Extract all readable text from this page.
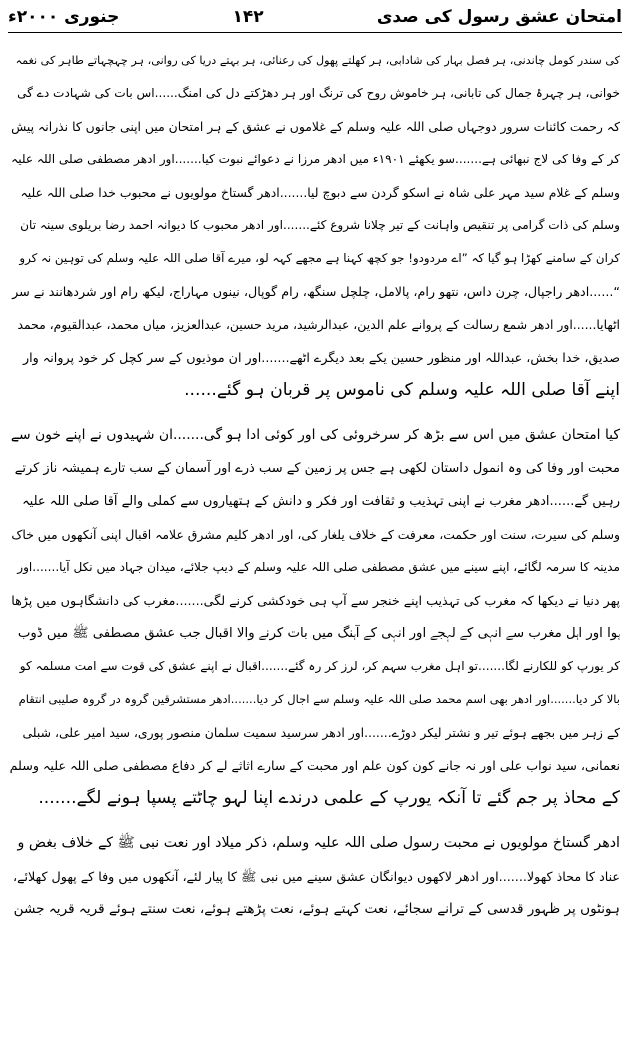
امتحان عشق رسول کی صدی
۱۴۲
جنوری ۲۰۰۰ء

کی سندر کومل چاندنی، ہر فصل بہار کی شادابی، ہر کھلتے پھول کی رعنائی، ہر بہتے دریا کی روانی، ہر چہچہاتے طاہر کی نغمہ
خوانی، ہر چہرۂ جمال کی تابانی، ہر خاموش روح کی ترنگ اور ہر دھڑکتے دل کی امنگ......اس بات کی شہادت دے گی
کہ رحمت کائنات سرور دوجہاں صلی اللہ علیہ وسلم کے غلاموں نے عشق کے ہر امتحان میں اپنی جانوں کا نذرانہ پیش
کر کے وفا کی لاج نبھائی ہے.......سو یکھئے ۱۹۰۱ء میں ادھر مرزا نے دعوائے نبوت کیا.......اور ادھر مصطفی صلی اللہ علیہ
وسلم کے غلام سید مہر علی شاہ نے اسکو گردن سے دبوچ لیا.......ادھر گستاخ مولویوں نے محبوب خدا صلی اللہ علیہ
وسلم کی ذات گرامی پر تنقیص واہانت کے تیر چلانا شروع کئے.......اور ادھر محبوب کا دیوانہ احمد رضا بریلوی سینہ تان
کران کے سامنے کھڑا ہو گیا کہ ”اے مردودو! جو کچھ کہنا ہے مجھے کہہ لو، میرے آقا صلی اللہ علیہ وسلم کی توہین نہ کرو
“......ادھر راجپال، چرن داس، نتھو رام، پالامل، چلچل سنگھ، رام گوپال، نینوں مہاراج، لیکھ رام اور شردھانند نے سر
اٹھایا......اور ادھر شمع رسالت کے پروانے علم الدین، عبدالرشید، مرید حسین، عبدالعزیز، میاں محمد، عبدالقیوم، محمد
صدیق، خدا بخش، عبداللہ اور منظور حسین یکے بعد دیگرے اٹھے.......اور ان موذیوں کے سر کچل کر خود پروانہ وار
اپنے آقا صلی اللہ علیہ وسلم کی ناموس پر قربان ہو گئے......

کیا امتحان عشق میں اس سے بڑھ کر سرخروئی کی اور کوئی ادا ہو گی.......ان شہیدوں نے اپنے خون سے
محبت اور وفا کی وہ انمول داستان لکھی ہے جس پر زمین کے سب ذرے اور آسمان کے سب تارے ہمیشہ ناز کرتے
رہیں گے......ادھر مغرب نے اپنی تہذیب و ثقافت اور فکر و دانش کے ہتھیاروں سے کملی والے آقا صلی اللہ علیہ
وسلم کی سیرت، سنت اور حکمت، معرفت کے خلاف یلغار کی، اور ادھر کلیم مشرق علامہ اقبال اپنی آنکھوں میں خاک
مدینہ کا سرمہ لگائے، اپنے سینے میں عشق مصطفی صلی اللہ علیہ وسلم کے دیپ جلائے، میدان جہاد میں نکل آیا.......اور
پھر دنیا نے دیکھا کہ مغرب کی تہذیب اپنے خنجر سے آپ ہی خودکشی کرنے لگی.......مغرب کی دانشگاہوں میں پڑھا
ہوا اور اہل مغرب سے انہی کے لہجے اور انہی کے آہنگ میں بات کرنے والا اقبال جب عشق مصطفی ﷺ میں ڈوب
کر یورپ کو للکارنے لگا.......تو اہل مغرب سہم کر، لرز کر رہ گئے.......اقبال نے اپنے عشق کی قوت سے امت مسلمہ کو
بالا کر دیا.......اور ادھر بھی اسم محمد صلی اللہ علیہ وسلم سے اجال کر دیا.......ادھر مستشرقین گروہ در گروہ صلیبی انتقام
کے زہر میں بجھے ہوئے تیر و نشتر لیکر دوڑے.......اور ادھر سرسید سمیت سلمان منصور پوری، سید امیر علی، شبلی
نعمانی، سید نواب علی اور نہ جانے کون کون علم اور محبت کے سارے اثاثے لے کر دفاع مصطفی صلی اللہ علیہ وسلم
کے محاذ پر جم گئے تا آنکہ یورپ کے علمی درندے اپنا لہو چاٹتے پسپا ہونے لگے.......

ادھر گستاخ مولویوں نے محبت رسول صلی اللہ علیہ وسلم، ذکر میلاد اور نعت نبی ﷺ کے خلاف بغض و
عناد کا محاذ کھولا.......اور ادھر لاکھوں دیوانگان عشق سینے میں نبی ﷺ کا پیار لئے، آنکھوں میں وفا کے پھول کھلائے،
ہونٹوں پر ظہور قدسی کے ترانے سجائے، نعت کہتے ہوئے، نعت پڑھتے ہوئے، نعت سنتے ہوئے قریہ قریہ جشن
